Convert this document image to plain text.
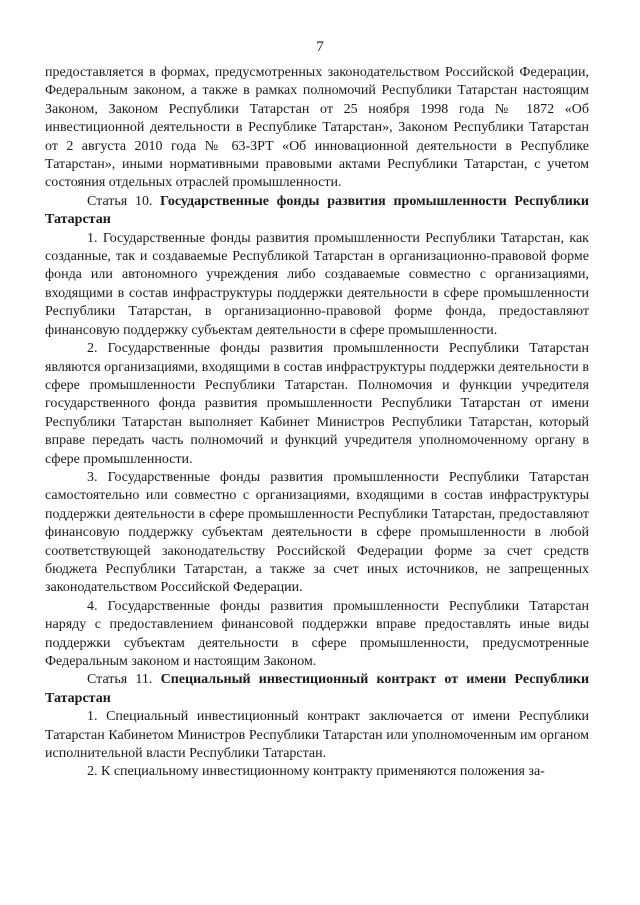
7

предоставляется в формах, предусмотренных законодательством Российской Федерации, Федеральным законом, а также в рамках полномочий Республики Татарстан настоящим Законом, Законом Республики Татарстан от 25 ноября 1998 года № 1872 «Об инвестиционной деятельности в Республике Татарстан», Законом Республики Татарстан от 2 августа 2010 года № 63-ЗРТ «Об инновационной деятельности в Республике Татарстан», иными нормативными правовыми актами Республики Татарстан, с учетом состояния отдельных отраслей промышленности.

Статья 10. Государственные фонды развития промышленности Республики Татарстан

1. Государственные фонды развития промышленности Республики Татарстан, как созданные, так и создаваемые Республикой Татарстан в организационно-правовой форме фонда или автономного учреждения либо создаваемые совместно с организациями, входящими в состав инфраструктуры поддержки деятельности в сфере промышленности Республики Татарстан, в организационно-правовой форме фонда, предоставляют финансовую поддержку субъектам деятельности в сфере промышленности.

2. Государственные фонды развития промышленности Республики Татарстан являются организациями, входящими в состав инфраструктуры поддержки деятельности в сфере промышленности Республики Татарстан. Полномочия и функции учредителя государственного фонда развития промышленности Республики Татарстан от имени Республики Татарстан выполняет Кабинет Министров Республики Татарстан, который вправе передать часть полномочий и функций учредителя уполномоченному органу в сфере промышленности.

3. Государственные фонды развития промышленности Республики Татарстан самостоятельно или совместно с организациями, входящими в состав инфраструктуры поддержки деятельности в сфере промышленности Республики Татарстан, предоставляют финансовую поддержку субъектам деятельности в сфере промышленности в любой соответствующей законодательству Российской Федерации форме за счет средств бюджета Республики Татарстан, а также за счет иных источников, не запрещенных законодательством Российской Федерации.

4. Государственные фонды развития промышленности Республики Татарстан наряду с предоставлением финансовой поддержки вправе предоставлять иные виды поддержки субъектам деятельности в сфере промышленности, предусмотренные Федеральным законом и настоящим Законом.

Статья 11. Специальный инвестиционный контракт от имени Республики Татарстан

1. Специальный инвестиционный контракт заключается от имени Республики Татарстан Кабинетом Министров Республики Татарстан или уполномоченным им органом исполнительной власти Республики Татарстан.

2. К специальному инвестиционному контракту применяются положения за-
